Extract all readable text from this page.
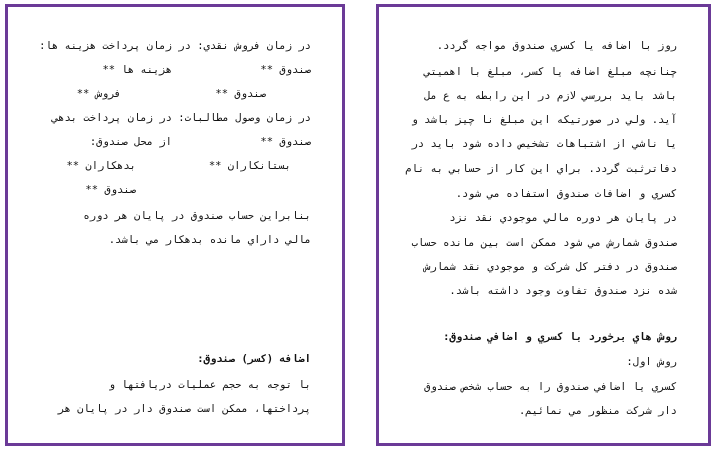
در زمان فروش نقدي: در زمان پرداخت هزينه ها:
صندوق **
هزينه ها **
فروش **	صندوق **
در زمان وصول مطالبات: در زمان پرداخت بدهي
صندوق **
از محل صندوق:
بستانكاران **
بدهكاران **
صندوق **
بنابراين حساب صندوق در پايان هر دوره
مالي داراي مانده بدهكار مي باشد.
اضافه (كسر) صندوق:
با توجه به حجم عمليات دريافتها و
پرداختها، ممكن است صندوق دار در پايان هر
روز با اضافه يا كسري صندوق مواجه گردد.
چنانچه مبلغ اضافه يا كسر، مبلغ با اهميتي
باشد بايد بررسي لازم در اين رابطه به ع مل
آيد. ولي در صورتيكه اين مبلغ نا چيز باشد و
يا ناشي از اشتباهات تشخيص داده شود بايد در
دفاترثبت گردد. براي اين كار از حسابي به نام
كسري و اضافات صندوق استفاده مي شود.
در پايان هر دوره مالي موجودي نقد نزد
صندوق شمارش مي شود ممكن است بين مانده حساب
صندوق در دفتر كل شركت و موجودي نقد شمارش
شده نزد صندوق تفاوت وجود داشته باشد.
روش هاي برخورد با كسري و اضافي صندوق:
روش اول:
كسري يا اضافي صندوق را به حساب شخص صندوق
دار شركت منظور مي نمائيم.
